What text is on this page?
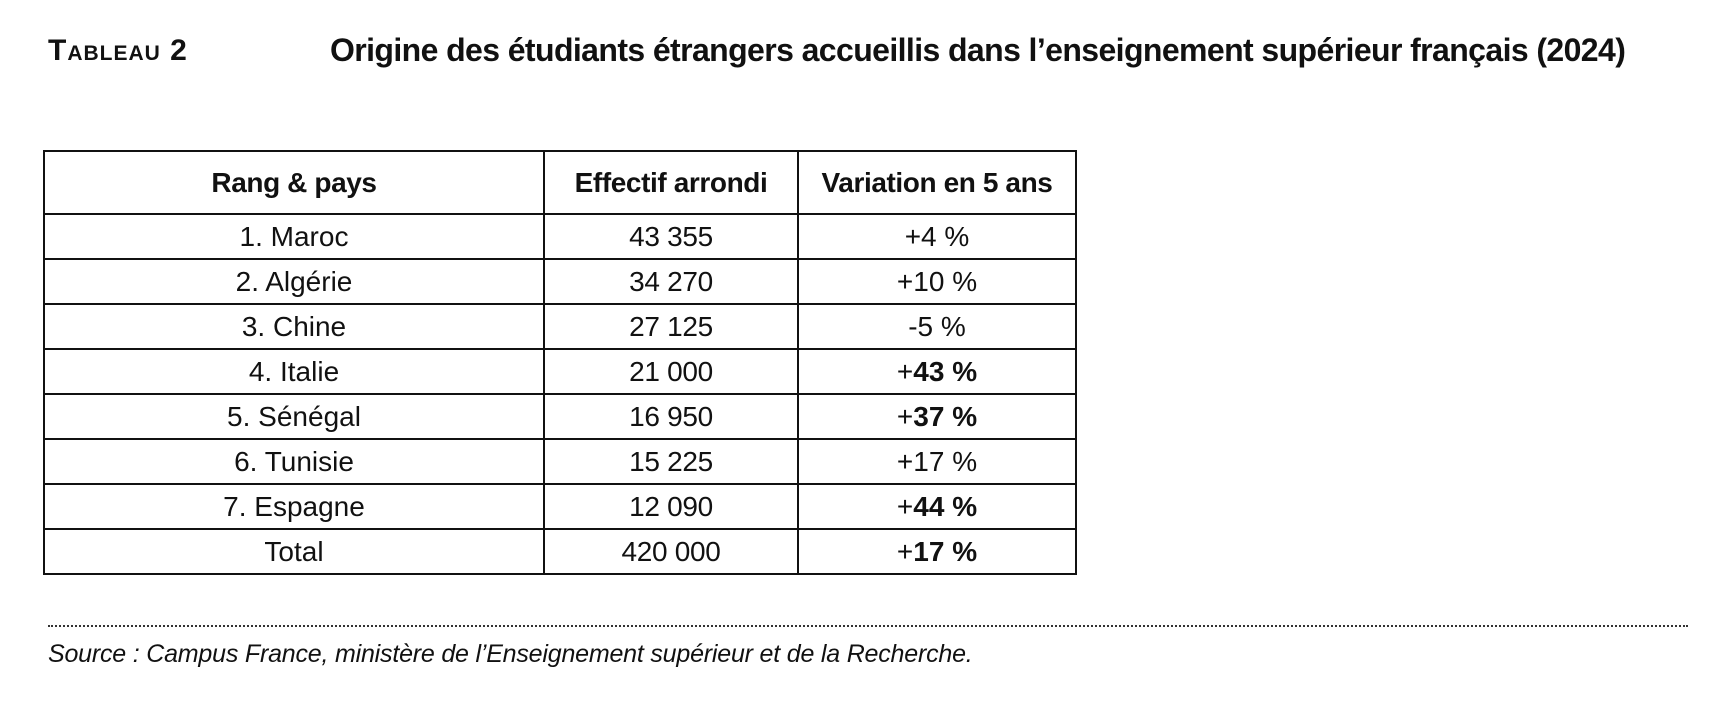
Tableau 2	Origine des étudiants étrangers accueillis dans l’enseignement supérieur français (2024)
Rang & pays	Effectif arrondi	Variation en 5 ans
1. Maroc	43 355	+4 %
2. Algérie	34 270	+10 %
3. Chine	27 125	-5 %
4. Italie	21 000	+43 %
5. Sénégal	16 950	+37 %
6. Tunisie	15 225	+17 %
7. Espagne	12 090	+44 %
Total	420 000	+17 %
Source : Campus France, ministère de l’Enseignement supérieur et de la Recherche.
